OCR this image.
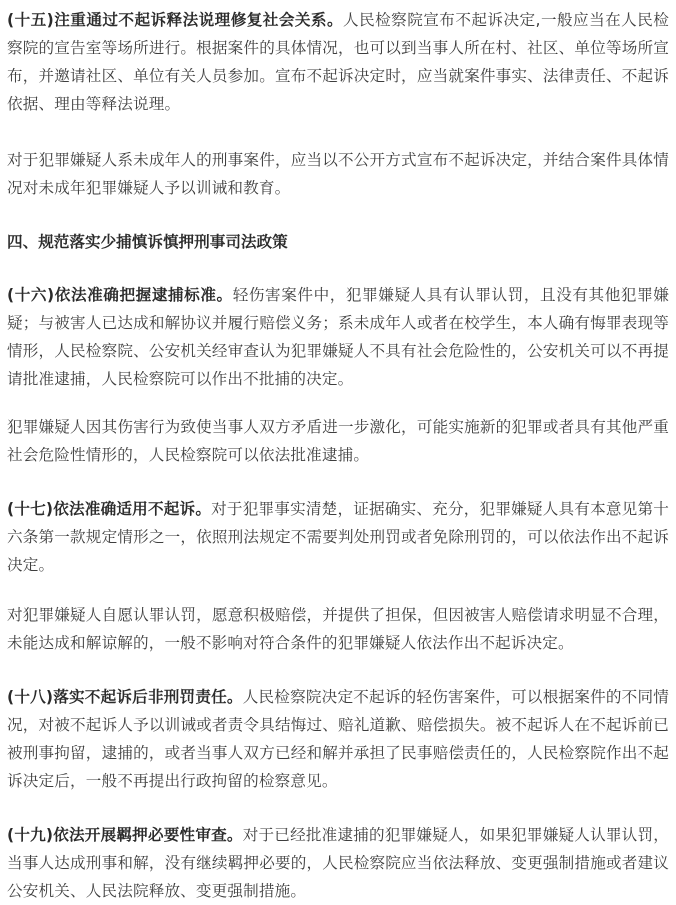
(十五)注重通过不起诉释法说理修复社会关系。人民检察院宣布不起诉决定,一般应当在人民检察院的宣告室等场所进行。根据案件的具体情况，也可以到当事人所在村、社区、单位等场所宣布，并邀请社区、单位有关人员参加。宣布不起诉决定时，应当就案件事实、法律责任、不起诉依据、理由等释法说理。

对于犯罪嫌疑人系未成年人的刑事案件，应当以不公开方式宣布不起诉决定，并结合案件具体情况对未成年犯罪嫌疑人予以训诫和教育。

四、规范落实少捕慎诉慎押刑事司法政策

(十六)依法准确把握逮捕标准。轻伤害案件中，犯罪嫌疑人具有认罪认罚，且没有其他犯罪嫌疑；与被害人已达成和解协议并履行赔偿义务；系未成年人或者在校学生，本人确有悔罪表现等情形，人民检察院、公安机关经审查认为犯罪嫌疑人不具有社会危险性的，公安机关可以不再提请批准逮捕，人民检察院可以作出不批捕的决定。

犯罪嫌疑人因其伤害行为致使当事人双方矛盾进一步激化，可能实施新的犯罪或者具有其他严重社会危险性情形的，人民检察院可以依法批准逮捕。

(十七)依法准确适用不起诉。对于犯罪事实清楚，证据确实、充分，犯罪嫌疑人具有本意见第十六条第一款规定情形之一，依照刑法规定不需要判处刑罚或者免除刑罚的，可以依法作出不起诉决定。

对犯罪嫌疑人自愿认罪认罚，愿意积极赔偿，并提供了担保，但因被害人赔偿请求明显不合理，未能达成和解谅解的，一般不影响对符合条件的犯罪嫌疑人依法作出不起诉决定。

(十八)落实不起诉后非刑罚责任。人民检察院决定不起诉的轻伤害案件，可以根据案件的不同情况，对被不起诉人予以训诫或者责令具结悔过、赔礼道歉、赔偿损失。被不起诉人在不起诉前已被刑事拘留，逮捕的，或者当事人双方已经和解并承担了民事赔偿责任的，人民检察院作出不起诉决定后，一般不再提出行政拘留的检察意见。

(十九)依法开展羁押必要性审查。对于已经批准逮捕的犯罪嫌疑人，如果犯罪嫌疑人认罪认罚，当事人达成刑事和解，没有继续羁押必要的，人民检察院应当依法释放、变更强制措施或者建议公安机关、人民法院释放、变更强制措施。
